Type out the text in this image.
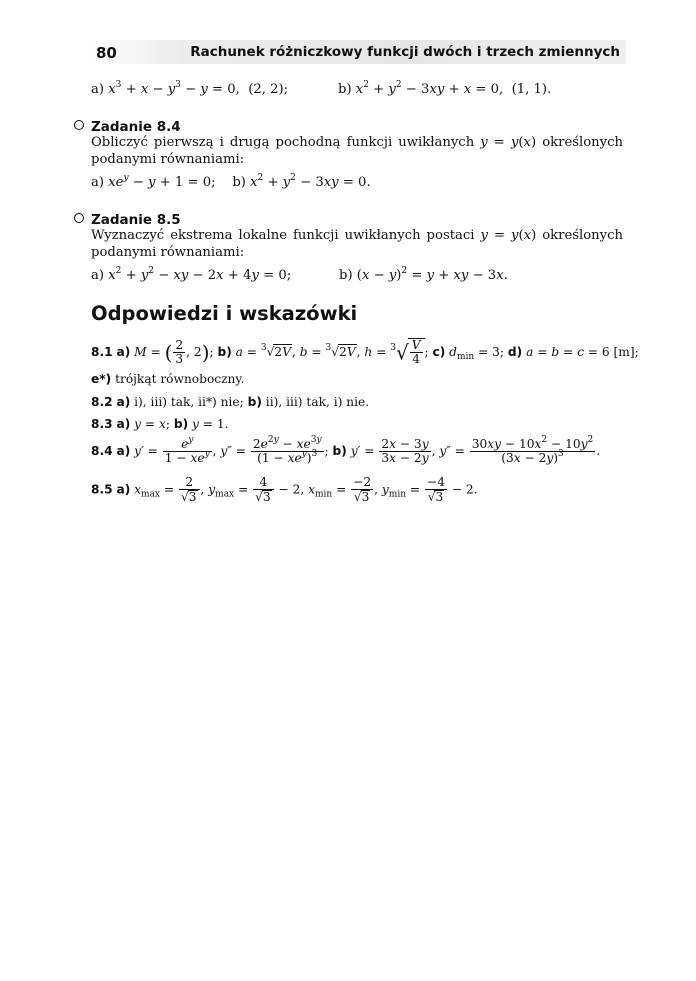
80	Rachunek różniczkowy funkcji dwóch i trzech zmiennych
a) $x^3 + x - y^3 - y = 0$, (2, 2);	b) $x^2 + y^2 - 3xy + x = 0$, (1, 1).
Zadanie 8.4
Obliczyć pierwszą i drugą pochodną funkcji uwikłanych y = y(x) określonych
podanymi równaniami:
a) $xe^y - y + 1 = 0$;    b) $x^2 + y^2 - 3xy = 0$.
Zadanie 8.5
Wyznaczyć ekstrema lokalne funkcji uwikłanych postaci y = y(x) określonych
podanymi równaniami:
a) $x^2 + y^2$ − xy − 2x + 4y = 0;	b) $(x - y)^2 = y$ + xy − 3x.
Odpowiedzi i wskazówki
8.1 a) M = ( $\frac{2}{3}$ , 2); b) a = $^3$√2V, b = $^3$√2V, $h = ^3√ \frac{V}{4}$ ; c) $d_{min} = 3$; d) a = b = c = 6 [m];
e*) trójkąt równoboczny.
8.2 a) i), iii) tak, ii*) nie; b) ii), iii) tak, i) nie.
8.3 a) y = x; b) y = 1.
8.4 a) $y' = \frac{e^y}{1 - xe^y}$ , $y'' = \frac{2e^{2y} - xe^{3y}}{(1 - xe^y)^3}$ ; b) $y' = \frac{2x - 3y}{3x - 2y}$ , $y'' = \frac{30xy - 10x^2 - 10y^2}{(3x - 2y)^3}$ .
8.5 a) $x_{max} = \frac{2}{√3}$ , $y_{max} = \frac{4}{√3} - 2$, $x_{min} = \frac{-2}{√3}$ , $y_{min} = \frac{-4}{√3} - 2$.
